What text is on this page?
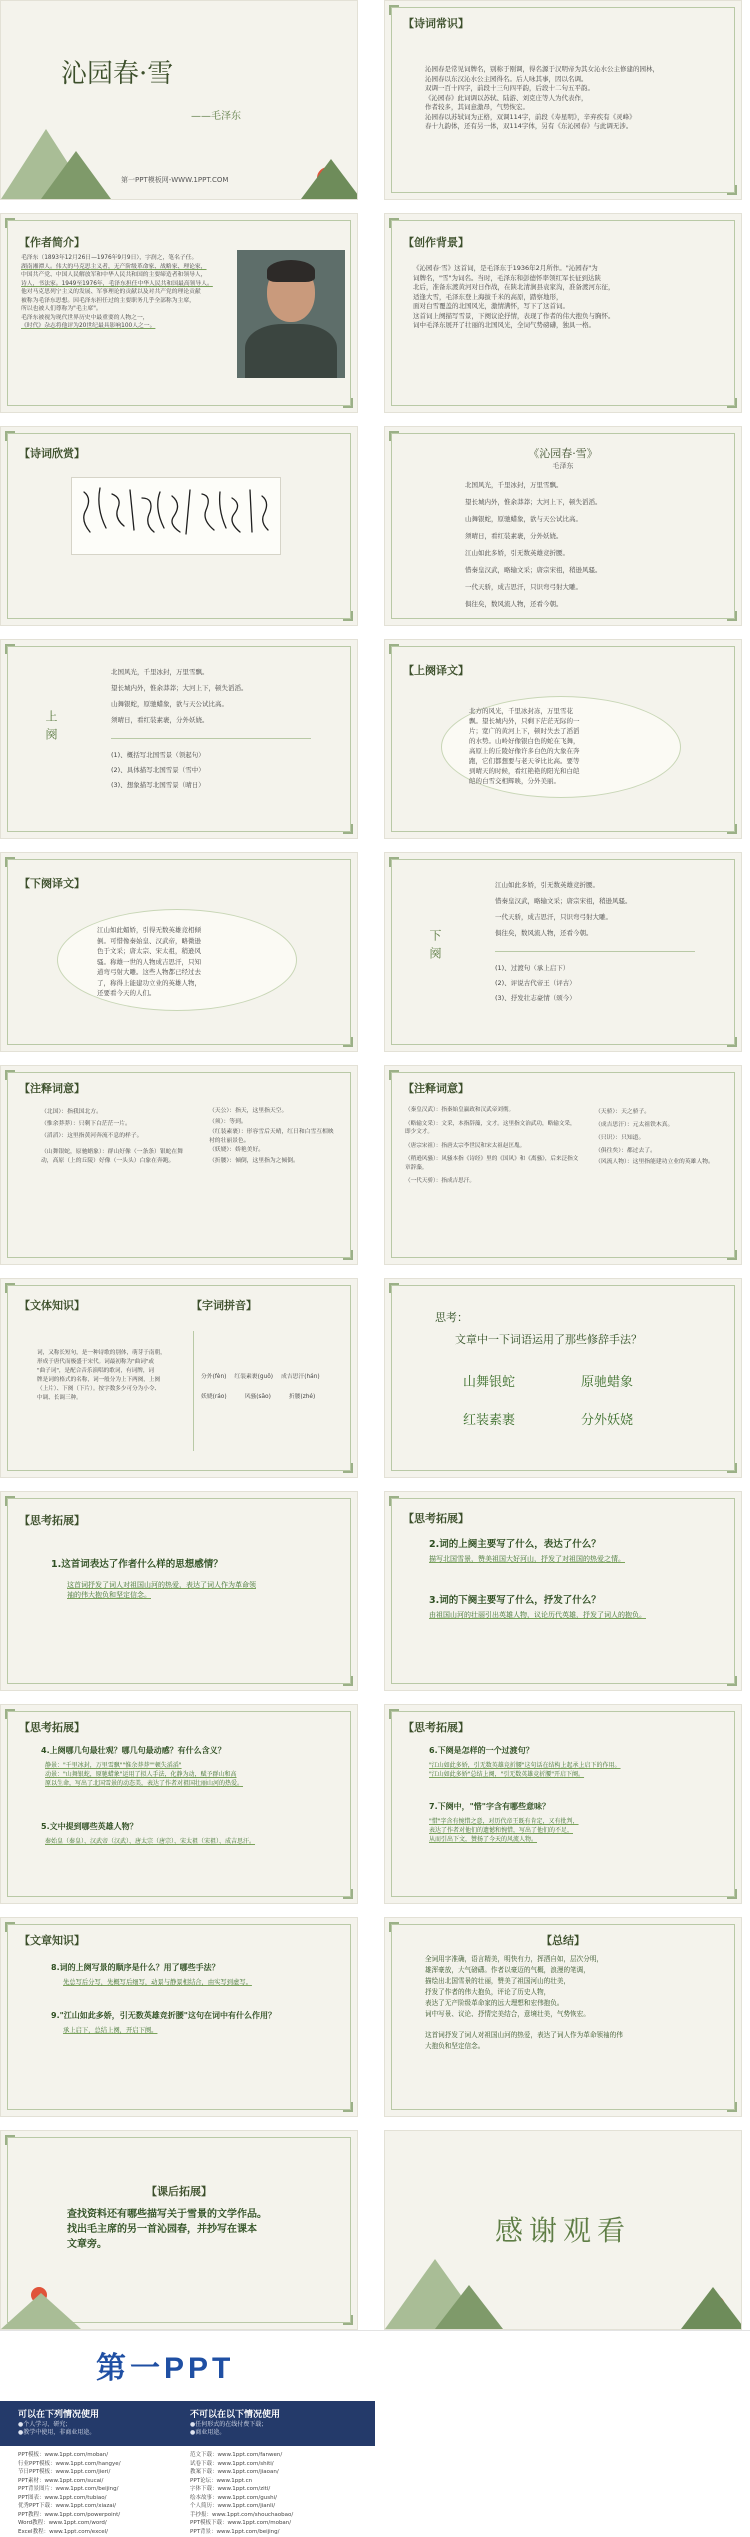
沁园春·雪
——毛泽东
第一PPT模板网-WWW.1PPT.COM
【诗词常识】
沁园春是常见词牌名，别称于刚调，得名源于汉明帝为其女沁水公主修建的园林，
沁园春以东汉沁水公主园得名。后人咏其事，因以名调。
双调一百十四字，前段十三句四平韵，后段十二句五平韵。
《沁园春》此词调以苏轼、陆游、刘克庄等人为代表作，
作者较多，其词意激昂，气势恢宏。
沁园春以苏轼词为正格，双调114字，前段《寿星明》，辛弃疾有《灵峰》
春十九韵体，还有另一体，双114字体，另有《东沁园春》与此调无涉。
【作者简介】
毛泽东（1893年12月26日—1976年9月9日），字润之，笔名子任。
湖南湘潭人。伟大的马克思主义者，无产阶级革命家、战略家、理论家，
中国共产党、中国人民解放军和中华人民共和国的主要缔造者和领导人，
诗人，书法家。1949至1976年，毛泽东担任中华人民共和国最高领导人。
他对马克思列宁主义的发展、军事理论的贡献以及对共产党的理论贡献
被称为毛泽东思想。因毛泽东担任过的主要职务几乎全部称为主席，
所以也被人们尊称为"毛主席"。
毛泽东被视为现代世界历史中最重要的人物之一，
《时代》杂志将他评为20世纪最具影响100人之一。
【创作背景】
《沁园春·雪》这首词，是毛泽东于1936年2月所作。"沁园春"为
词牌名，"雪"为词名。当时，毛泽东和彭德怀率领红军长征到达陕
北后，准备东渡黄河对日作战，在陕北清涧县袁家沟，准备渡河东征，
适逢大雪，毛泽东登上海拔千米的高原，踏察地形，
面对白雪覆盖的北国风光，激情满怀，写下了这首词。
这首词上阕描写雪景，下阕议论抒情，表现了作者的伟大抱负与胸怀。
词中毛泽东展开了壮丽的北国风光，全词气势磅礴，独具一格。
【诗词欣赏】	《沁园春·雪》
毛泽东
北国风光，千里冰封，万里雪飘。
望长城内外，惟余莽莽；大河上下，顿失滔滔。
山舞银蛇，原驰蜡象，欲与天公试比高。
须晴日，看红装素裹，分外妖娆。
江山如此多娇，引无数英雄竞折腰。
惜秦皇汉武，略输文采；唐宗宋祖，稍逊风骚。
一代天骄，成吉思汗，只识弯弓射大雕。
俱往矣，数风流人物，还看今朝。
上阕
北国风光，千里冰封，万里雪飘。
望长城内外，惟余莽莽；大河上下，顿失滔滔。
山舞银蛇，原驰蜡象，欲与天公试比高。
须晴日，看红装素裹，分外妖娆。
(1)、概括写北国雪景（领起句）
(2)、具体描写北国雪景（雪中）
(3)、想象描写北国雪景（晴日）
【上阕译文】
北方的风光，千里冰封冻，万里雪花
飘。望长城内外，只剩下茫茫无际的一
片；宽广的黄河上下，顿时失去了滔滔
的水势。山岭好像银白色的蛇在飞舞，
高原上的丘陵好像许多白色的大象在奔
跑，它们都想要与老天爷比比高。要等
到晴天的时候，看红艳艳的阳光和白皑
皑的白雪交相辉映，分外美丽。
【下阕译文】
江山如此媚娇，引得无数英雄竞相倾
倒。可惜像秦始皇、汉武帝，略微逊
色于文采；唐太宗、宋太祖，稍逊风
骚。称雄一世的人物成吉思汗，只知
道弯弓射大雕。这些人物都已经过去
了，称得上能建功立业的英雄人物，
还要看今天的人们。
下阕
江山如此多娇，引无数英雄竞折腰。
惜秦皇汉武，略输文采；唐宗宋祖，稍逊风骚。
一代天骄，成吉思汗，只识弯弓射大雕。
俱往矣，数风流人物，还看今朝。
(1)、过渡句（承上启下）
(2)、评说古代帝王（评古）
(3)、抒发壮志豪情（颂今）
【注释词意】
（北国）：指我国北方。
（惟余莽莽）：只剩下白茫茫一片。
（滔滔）：这里指黄河奔流不息的样子。
（山舞银蛇，原驰蜡象）：群山好像（一条条）银蛇在舞动，高原（上的丘陵）好像（一头头）白象在奔跑。
（天公）：指天，这里指天空。
（须）：等到。
（红装素裹）：形容雪后天晴，红日和白雪互相映衬的壮丽景色。
（妖娆）：娇艳美好。
（折腰）：倾倒，这里指为之倾倒。
【注释词意】
（秦皇汉武）：指秦始皇赢政和汉武帝刘彻。
（略输文采）：文采，本指辞藻，文才。这里指文治武功，略输文采，即少文才。
（唐宗宋祖）：指唐太宗李世民和宋太祖赵匡胤。
（稍逊风骚）：风骚本指《诗经》里的《国风》和《离骚》，后来泛指文章辞藻。
（一代天骄）：指成吉思汗。
（天骄）：天之骄子。
（成吉思汗）：元太祖铁木真。
（只识）：只知道。
（俱往矣）：都过去了。
（风流人物）：这里指能建功立业的英雄人物。
【文体知识】	【字词拼音】
词，又称长短句，是一种诗歌的别体，萌芽于南朝，
形成于唐代而极盛于宋代。词最初称为"曲词"或
"曲子词"，是配合音乐演唱的歌词，有词牌，词
牌是词的格式的名称，词一般分为上下两阕，上阕
（上片）、下阕（下片）。按字数多少可分为小令、
中调、长调三种。
分外(fèn) 红装素裹(guǒ) 成吉思汗(hán)
妖娆(ráo)	风骚(sāo)	折腰(zhé)
思考：
文章中一下词语运用了那些修辞手法？
山舞银蛇	原驰蜡象
红装素裹	分外妖娆
【思考拓展】
1.这首词表达了作者什么样的思想感情？
这首词抒发了词人对祖国山河的热爱，表达了词人作为革命领
袖的伟大抱负和坚定信念。
【思考拓展】
2.词的上阕主要写了什么，表达了什么？
描写北国雪景，赞美祖国大好河山，抒发了对祖国的热爱之情。
3.词的下阕主要写了什么，抒发了什么？
由祖国山河的壮丽引出英雄人物，议论历代英雄，抒发了词人的抱负。
【思考拓展】
4.上阕哪几句最壮观？哪几句最动感？有什么含义？
静景："千里冰封，万里雪飘""惟余莽莽""顿失滔滔"
动景："山舞银蛇，原驰蜡象"运用了拟人手法，化静为动，赋予群山和高
原以生命，写出了北国雪景的动态美，表达了作者对祖国壮丽山河的热爱。
5.文中提到哪些英雄人物？
秦始皇（秦皇）、汉武帝（汉武）、唐太宗（唐宗）、宋太祖（宋祖）、成吉思汗。
【思考拓展】
6.下阕是怎样的一个过渡句？
"江山如此多娇，引无数英雄竞折腰"这句话在结构上起承上启下的作用。
"江山如此多娇"总结上阕，"引无数英雄竞折腰"开启下阕。
7.下阕中，"惜"字含有哪些意味？
"惜"字含有惋惜之意，对历代帝王既有肯定，又有批判，
表达了作者对他们的遗憾和惋惜，写出了他们的不足，
从而引出下文，赞扬了今天的风流人物。
【文章知识】
8.词的上阕写景的顺序是什么？用了哪些手法？
先总写后分写，先概写后细写，动景与静景相结合，由实写到虚写。
9."江山如此多娇，引无数英雄竞折腰"这句在词中有什么作用？
承上启下，总结上阕，开启下阕。
【总结】
全词用字准确，语言精美，明快有力，挥洒自如，层次分明，
雄浑豪放，大气磅礴。作者以豪迈的气概，浪漫的笔调，
描绘出北国雪景的壮丽，赞美了祖国河山的壮美，
抒发了作者的伟大抱负，评论了历史人物，
表达了无产阶级革命家的远大理想和宏伟抱负。
词中写景、议论、抒情完美结合，意境壮美，气势恢宏。
这首词抒发了词人对祖国山河的热爱，表达了词人作为革命领袖的伟
大抱负和坚定信念。
【课后拓展】
查找资料还有哪些描写关于雪景的文学作品。
找出毛主席的另一首沁园春，并抄写在课本
文章旁。	感谢观看
第一PPT
可以在下列情况使用
●个人学习、研究；
●教学中使用，非商业用途。
不可以在以下情况使用
●任何形式的在线付费下载；
●商业用途。
PPT模板：www.1ppt.com/moban/
行业PPT模板：www.1ppt.com/hangye/
节日PPT模板：www.1ppt.com/jieri/
PPT素材：www.1ppt.com/sucai/
PPT背景图片：www.1ppt.com/beijing/
PPT图表：www.1ppt.com/tubiao/
优秀PPT下载：www.1ppt.com/xiazai/
PPT教程：www.1ppt.com/powerpoint/
Word教程：www.1ppt.com/word/
Excel教程：www.1ppt.com/excel/
范文下载：www.1ppt.com/fanwen/
试卷下载：www.1ppt.com/shiti/
教案下载：www.1ppt.com/jiaoan/
PPT论坛：www.1ppt.cn
字体下载：www.1ppt.com/ziti/
绘本故事：www.1ppt.com/gushi/
个人简历：www.1ppt.com/jianli/
手抄报：www.1ppt.com/shouchaobao/
PPT模板下载：www.1ppt.com/moban/
PPT背景：www.1ppt.com/beijing/
